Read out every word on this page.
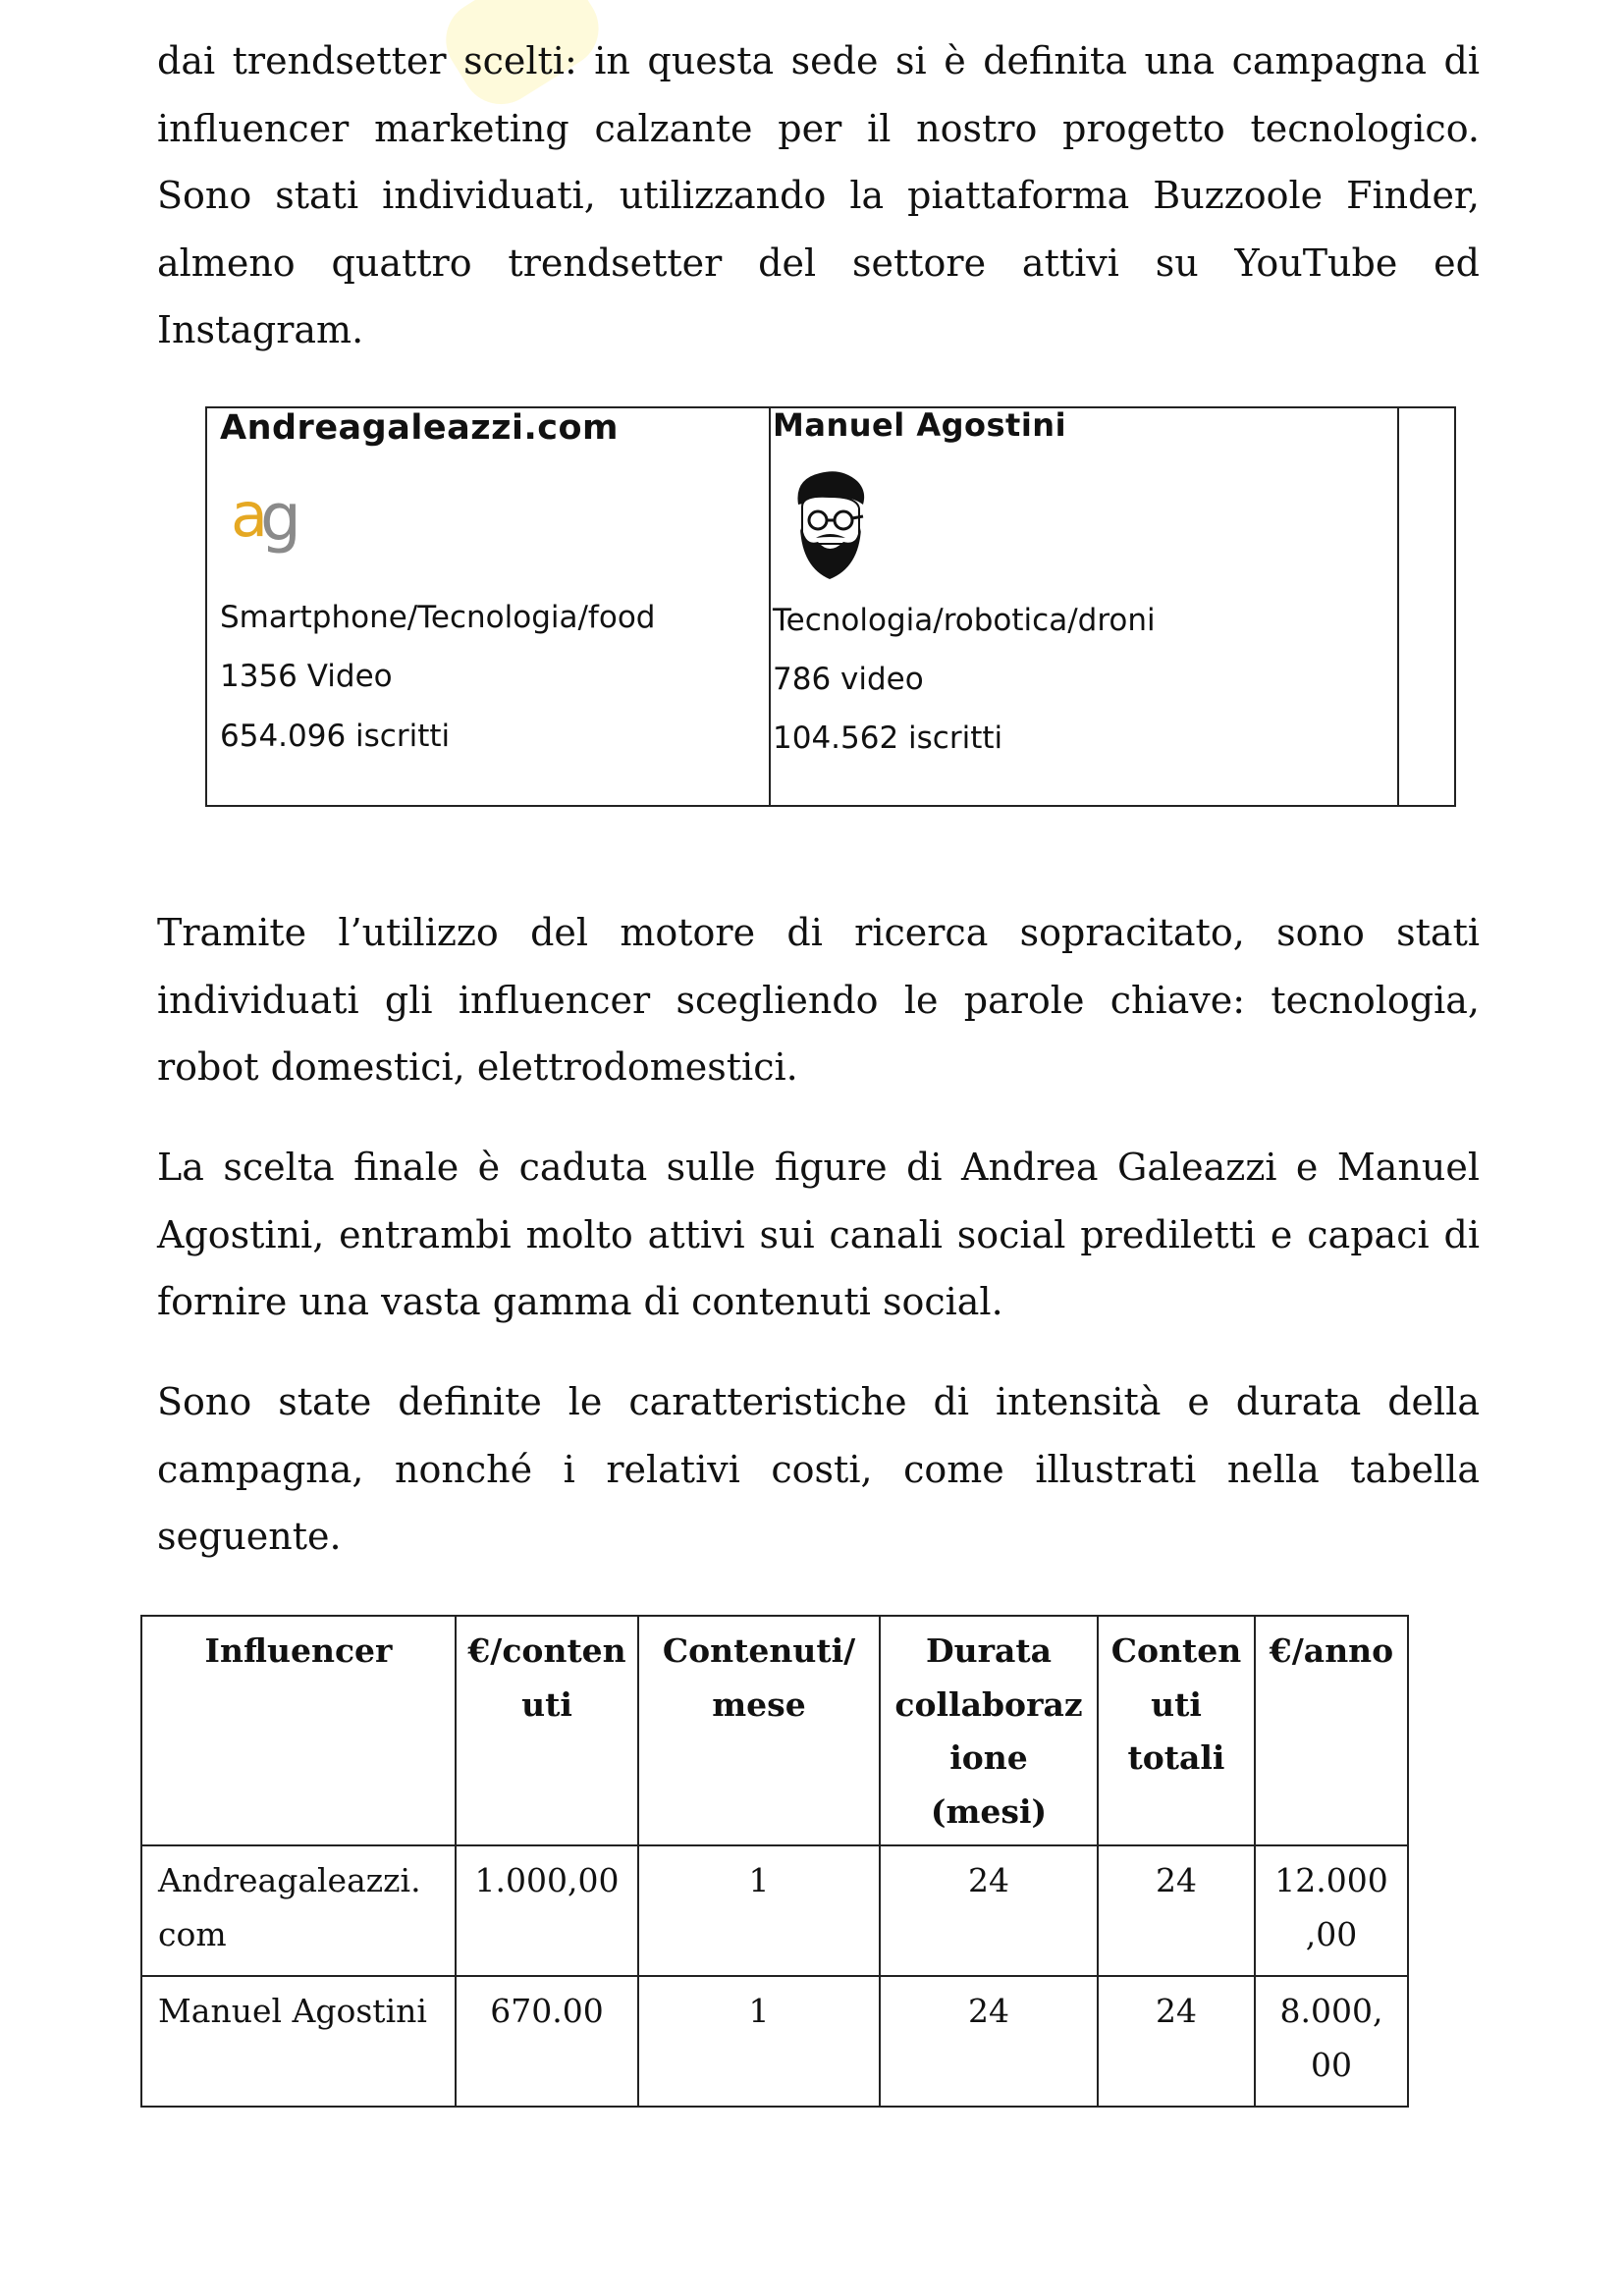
dai trendsetter scelti: in questa sede si è definita una campagna di influencer marketing calzante per il nostro progetto tecnologico. Sono stati individuati, utilizzando la piattaforma Buzzoole Finder, almeno quattro trendsetter del settore attivi su YouTube ed Instagram.

Andreagaleazzi.com
a
g
Smartphone/Tecnologia/food
1356 Video
654.096 iscritti
Manuel Agostini
Tecnologia/robotica/droni
786 video
104.562 iscritti

Tramite l’utilizzo del motore di ricerca sopracitato, sono stati individuati gli influencer scegliendo le parole chiave: tecnologia, robot domestici, elettrodomestici.

La scelta finale è caduta sulle figure di Andrea Galeazzi e Manuel Agostini, entrambi molto attivi sui canali social prediletti e capaci di fornire una vasta gamma di contenuti social.

Sono state definite le caratteristiche di intensità e durata della campagna, nonché i relativi costi, come illustrati nella tabella seguente.

Influencer	€/conten uti	Contenuti/ mese	Durata collaboraz ione (mesi)	Conten uti totali	€/anno
Andreagaleazzi. com	1.000,00	1	24	24	12.000 ,00
Manuel Agostini	670.00	1	24	24	8.000, 00
